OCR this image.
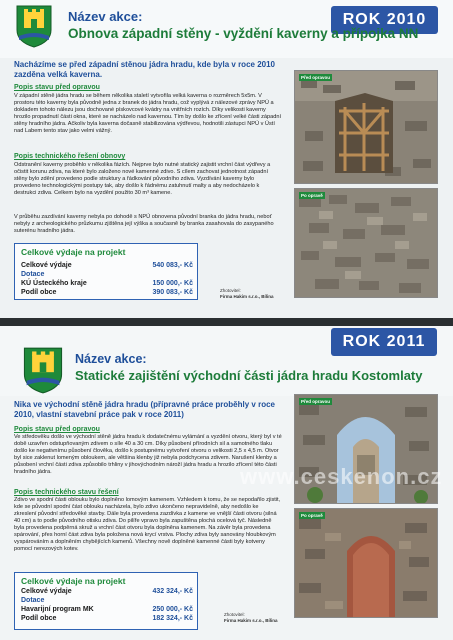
ROK 2010
Název akce:
Obnova západní stěny - vyždění kaverny a přípojka NN
Nacházíme se před západní stěnou jádra hradu, kde byla v roce 2010 zazděna velká kaverna.
Popis stavu před opravou
V západní stěně jádra hradu se během několika staletí vytvořila velká kaverna o rozměrech 5x5m. V prostoru této kaverny byla původně jedna z branek do jádra hradu, což vyplývá z nálezové zprávy NPÚ a dokladem tohoto nálezu jsou dochované pískovcové kvádry na vnitřních rozích. Díky velikosti kaverny hrozilo propadnutí části okna, které se nacházelo nad kavernou. Tím by došlo ke zřícení velké části západní stěny hradního jádra. Ačkoliv byla kaverna dočasně stabilizována výdřevou, hodnotili zástupci NPÚ v Ústí nad Labem tento stav jako velmi vážný.
Popis technického řešení obnovy
Odstranění kaverny proběhlo v několika fázích. Nejprve bylo nutné statický zajistit vrchní část výdřevy a očistit korunu zdiva, na které bylo založeno nové kamenné zdivo. S cílem zachovat jednotnost západní stěny bylo zdění provedeno podle struktury a řádkování původního zdiva. Vyzdívání kaverny bylo provedeno technologickými postupy tak, aby došlo k řádnému zatuhnutí malty a aby nedocházelo k destrukci zdiva. Celkem bylo na vyzdění použito 30 m³ kamene.
V průběhu zazdívání kaverny nebyla po dohodě s NPÚ obnovena původní branka do jádra hradu, neboť nebyly z archeologického průzkumu zjištěna její výška a současně by branka zasahovala do zasypaného suterénu hradního jádra.
Celkové výdaje na projekt
Celkové výdaje	540 083,- Kč
Dotace
KÚ Ústeckého kraje	150 000,- Kč
Podíl obce	390 083,- Kč
Před opravou
Po opravě
Zhotovitel:
Firma Hakim s.r.o., Bílina
ROK 2011
Název akce:
Statické zajištění východní části jádra hradu Kostomlaty
Nika ve východní stěně jádra hradu (přípravné práce proběhly v roce 2010, vlastní stavební práce pak v roce 2011)
Popis stavu před opravou
Ve středověku došlo ve východní stěně jádra hradu k dodatečnému vylámání a vyzdění otvoru, který byl v té době uzavřen odstupňovaným zdivem o síle 40 a 30 cm. Díky působení přírodních sil a samotného tlaku došlo ke negativnímu působení člověka, došlo k postupnému vytvoření otvoru o velikosti 2,5 x 4,5 m. Otvor byl sice zaklenut lomeným obloukem, ale většina klenby již nebyla podchycena zdivem. Narušení klenby a působení vrchní části zdiva způsobilo trhliny v jihovýchodním nároží jádra hradu a hrozilo zřícení této části hradního jádra.
Popis technického stavu řešení
Zdivo ve spodní části oblouku bylo doplněno lomovým kamenem. Vzhledem k tomu, že se nepodařilo zjistit, kde se původní spodní část oblouku nacházela, bylo zdivo ukončeno nepravidelně, aby nedošlo ke zkreslení původní středověké stavby. Dále byla provedena zazdívka z kamene ve vnější části otvoru (silná 40 cm) a to podle původního otisku zdiva. Do pilíře vpravo byla zapuštěna plochá ocelová tyč. Následně byla provedena podpěrná skruž a vrchní část otvoru byla doplněna kamenem. Na závěr byla provedena spárování, přes horní část zdiva byla položena nová krycí vrstva. Plochy zdiva byly sanovány hloubkovým vyspárováním a doplněním chybějících kamenů. Všechny nově doplněné kamenné části byly kotveny pomocí nerezových kotev.
Celkové výdaje na projekt
Celkové výdaje	432 324,- Kč
Dotace
Havarijní program MK	250 000,- Kč
Podíl obce	182 324,- Kč
Před opravou
Po opravě
Zhotovitel:
Firma Hakim s.r.o., Bílina
www.ceskenon.cz
